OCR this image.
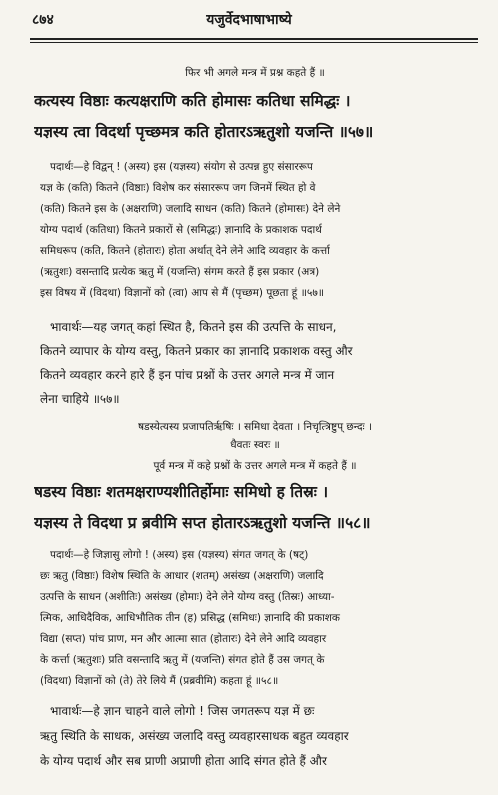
८७४	यजुर्वेदभाषाभाष्ये
फिर भी अगले मन्त्र में प्रश्न कहते हैं ॥
कत्यस्य विष्ठाः कत्यक्षराणि कति होमासः कतिधा समिद्धः ।
यज्ञस्य त्वा विदर्था पृच्छमत्र कति होतारऽऋतुशो यजन्ति ॥५७॥
पदार्थः—हे विद्वन् ! (अस्य) इस (यज्ञस्य) संयोग से उत्पन्न हुए संसाररूप
यज्ञ के (कति) कितने (विष्ठाः) विशेष कर संसाररूप जग जिनमें स्थित हो वे
(कति) कितने इस के (अक्षराणि) जलादि साधन (कति) कितने (होमासः) देने लेने
योग्य पदार्थ (कतिधा) कितने प्रकारों से (समिद्धः) ज्ञानादि के प्रकाशक पदार्थ
समिधरूप (कति, कितने (होतारः) होता अर्थात् देने लेने आदि व्यवहार के कर्त्ता
(ऋतुशः) वसन्तादि प्रत्येक ऋतु में (यजन्ति) संगम करते हैं इस प्रकार (अत्र)
इस विषय में (विदथा) विज्ञानों को (त्वा) आप से मैं (पृच्छम) पूछता हूं ॥५७॥
भावार्थः—यह जगत् कहां स्थित है, कितने इस की उत्पत्ति के साधन,
कितने व्यापार के योग्य वस्तु, कितने प्रकार का ज्ञानादि प्रकाशक वस्तु और
कितने व्यवहार करने हारे हैं इन पांच प्रश्नों के उत्तर अगले मन्त्र में जान
लेना चाहिये ॥५७॥
षडस्येत्यस्य प्रजापतिर्ऋषिः । समिधा देवता । निचृत्त्रिष्टुप् छन्दः ।
धैवतः स्वरः ॥
पूर्व मन्त्र में कहे प्रश्नों के उत्तर अगले मन्त्र में कहते हैं ॥
षडस्य विष्ठाः शतमक्षराण्यशीतिर्होमाः समिधो ह तिस्रः ।
यज्ञस्य ते विदथा प्र ब्रवीमि सप्त होतारऽऋतुशो यजन्ति ॥५८॥
पदार्थः—हे जिज्ञासु लोगो ! (अस्य) इस (यज्ञस्य) संगत जगत् के (षट्)
छः ऋतु (विष्ठाः) विशेष स्थिति के आधार (शतम्) असंख्य (अक्षराणि) जलादि
उत्पत्ति के साधन (अशीतिः) असंख्य (होमाः) देने लेने योग्य वस्तु (तिस्रः) आध्या-
त्मिक, आधिदैविक, आधिभौतिक तीन (ह) प्रसिद्ध (समिधः) ज्ञानादि की प्रकाशक
विद्या (सप्त) पांच प्राण, मन और आत्मा सात (होतारः) देने लेने आदि व्यवहार
के कर्त्ता (ऋतुशः) प्रति वसन्तादि ऋतु में (यजन्ति) संगत होते हैं उस जगत् के
(विदथा) विज्ञानों को (ते) तेरे लिये मैं (प्रब्रवीमि) कहता हूं ॥५८॥
भावार्थः—हे ज्ञान चाहने वाले लोगो ! जिस जगतरूप यज्ञ में छः
ऋतु स्थिति के साधक, असंख्य जलादि वस्तु व्यवहारसाधक बहुत व्यवहार
के योग्य पदार्थ और सब प्राणी अप्राणी होता आदि संगत होते हैं और
